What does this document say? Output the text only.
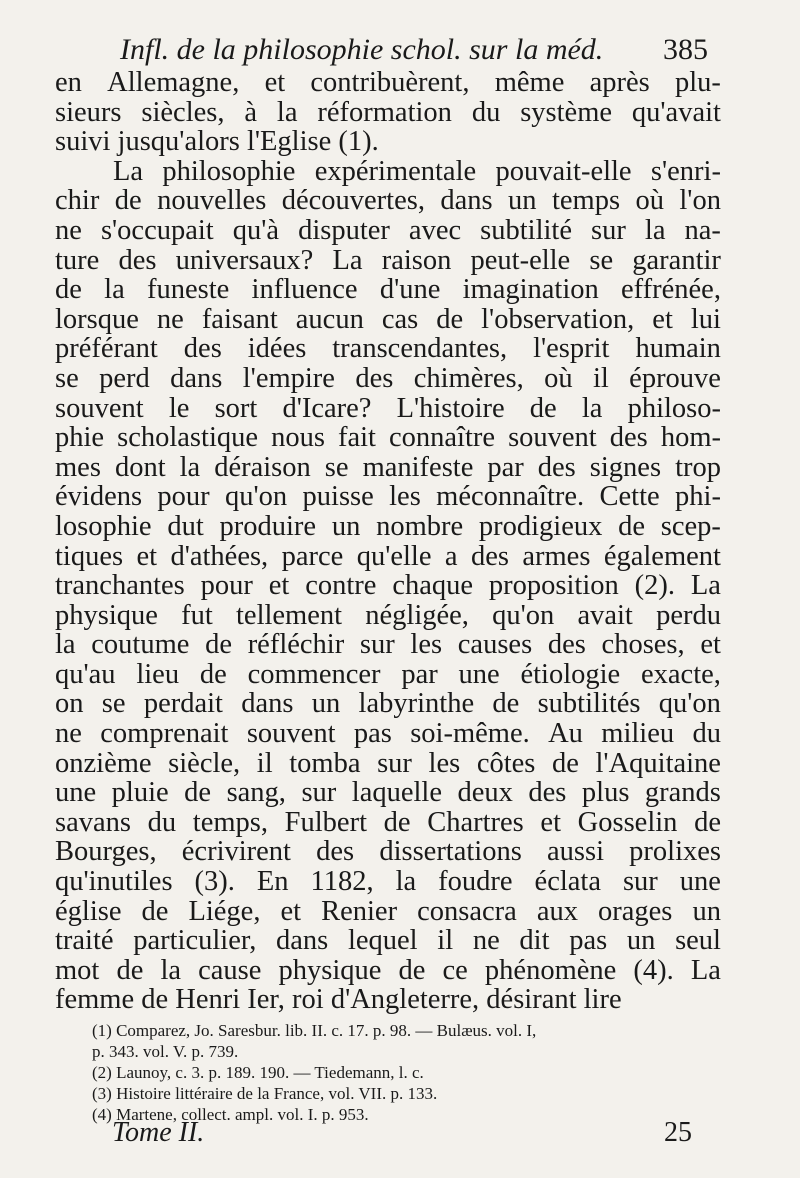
Infl. de la philosophie schol. sur la méd. 385
en Allemagne, et contribuèrent, même après plu-
sieurs siècles, à la réformation du système qu'avait
suivi jusqu'alors l'Eglise (1).
La philosophie expérimentale pouvait-elle s'enri-
chir de nouvelles découvertes, dans un temps où l'on
ne s'occupait qu'à disputer avec subtilité sur la na-
ture des universaux? La raison peut-elle se garantir
de la funeste influence d'une imagination effrénée,
lorsque ne faisant aucun cas de l'observation, et lui
préférant des idées transcendantes, l'esprit humain
se perd dans l'empire des chimères, où il éprouve
souvent le sort d'Icare? L'histoire de la philoso-
phie scholastique nous fait connaître souvent des hom-
mes dont la déraison se manifeste par des signes trop
évidens pour qu'on puisse les méconnaître. Cette phi-
losophie dut produire un nombre prodigieux de scep-
tiques et d'athées, parce qu'elle a des armes également
tranchantes pour et contre chaque proposition (2). La
physique fut tellement négligée, qu'on avait perdu
la coutume de réfléchir sur les causes des choses, et
qu'au lieu de commencer par une étiologie exacte,
on se perdait dans un labyrinthe de subtilités qu'on
ne comprenait souvent pas soi-même. Au milieu du
onzième siècle, il tomba sur les côtes de l'Aquitaine
une pluie de sang, sur laquelle deux des plus grands
savans du temps, Fulbert de Chartres et Gosselin de
Bourges, écrivirent des dissertations aussi prolixes
qu'inutiles (3). En 1182, la foudre éclata sur une
église de Liége, et Renier consacra aux orages un
traité particulier, dans lequel il ne dit pas un seul
mot de la cause physique de ce phénomène (4). La
femme de Henri Ier, roi d'Angleterre, désirant lire
(1) Comparez, Jo. Saresbur. lib. II. c. 17. p. 98. — Bulæus. vol. I,
p. 343. vol. V. p. 739.
(2) Launoy, c. 3. p. 189. 190. — Tiedemann, l. c.
(3) Histoire littéraire de la France, vol. VII. p. 133.
(4) Martene, collect. ampl. vol. I. p. 953.
Tome II.	25
